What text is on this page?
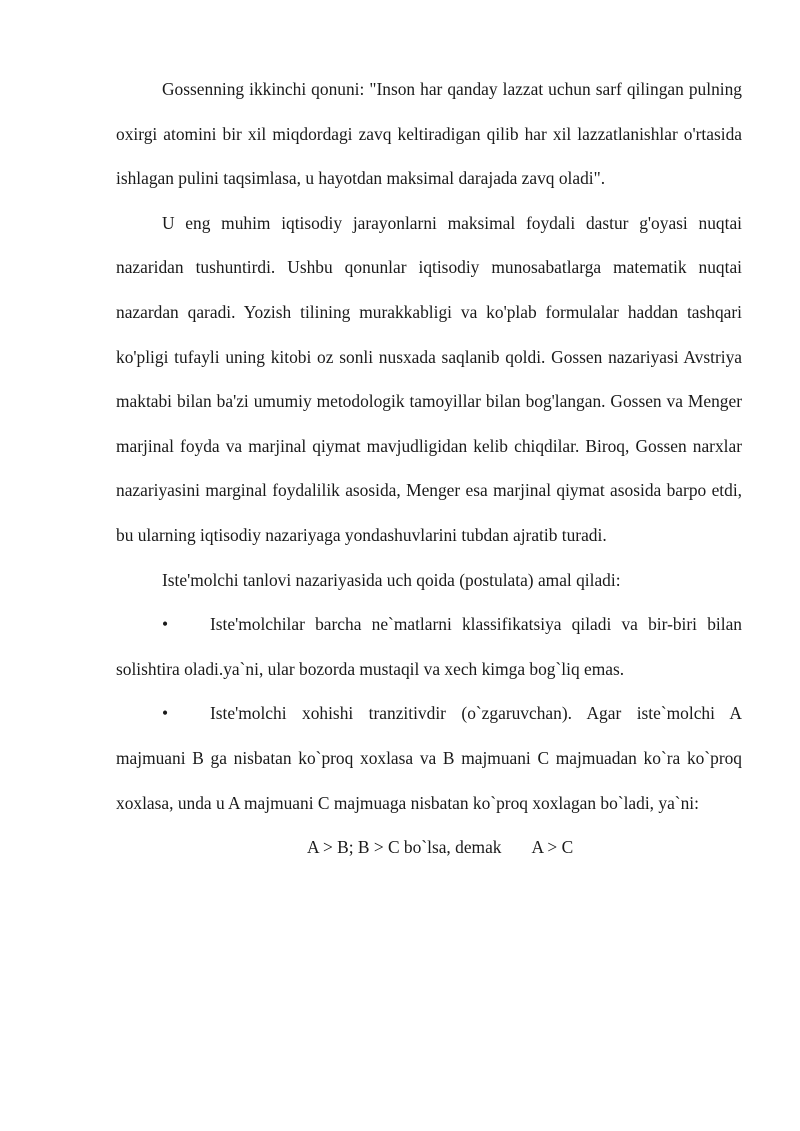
Gossenning ikkinchi qonuni: "Inson har qanday lazzat uchun sarf qilingan pulning oxirgi atomini bir xil miqdordagi zavq keltiradigan qilib har xil lazzatlanishlar o'rtasida ishlagan pulini taqsimlasa, u hayotdan maksimal darajada zavq oladi".

U eng muhim iqtisodiy jarayonlarni maksimal foydali dastur g'oyasi nuqtai nazaridan tushuntirdi. Ushbu qonunlar iqtisodiy munosabatlarga matematik nuqtai nazardan qaradi. Yozish tilining murakkabligi va ko'plab formulalar haddan tashqari ko'pligi tufayli uning kitobi oz sonli nusxada saqlanib qoldi. Gossen nazariyasi Avstriya maktabi bilan ba'zi umumiy metodologik tamoyillar bilan bog'langan. Gossen va Menger marjinal foyda va marjinal qiymat mavjudligidan kelib chiqdilar. Biroq, Gossen narxlar nazariyasini marginal foydalilik asosida, Menger esa marjinal qiymat asosida barpo etdi, bu ularning iqtisodiy nazariyaga yondashuvlarini tubdan ajratib turadi.

Iste'molchi tanlovi nazariyasida uch qoida (postulata) amal qiladi:

• Iste'molchilar barcha ne`matlarni klassifikatsiya qiladi va bir-biri bilan solishtira oladi.ya`ni, ular bozorda mustaqil va xech kimga bog`liq emas.

• Iste'molchi xohishi tranzitivdir (o`zgaruvchan). Agar iste`molchi A majmuani B ga nisbatan ko`proq xoxlasa va B majmuani C majmuadan ko`ra ko`proq xoxlasa, unda u A majmuani C majmuaga nisbatan ko`proq xoxlagan bo`ladi, ya`ni:

A > B; B > C bo`lsa, demak A > C
